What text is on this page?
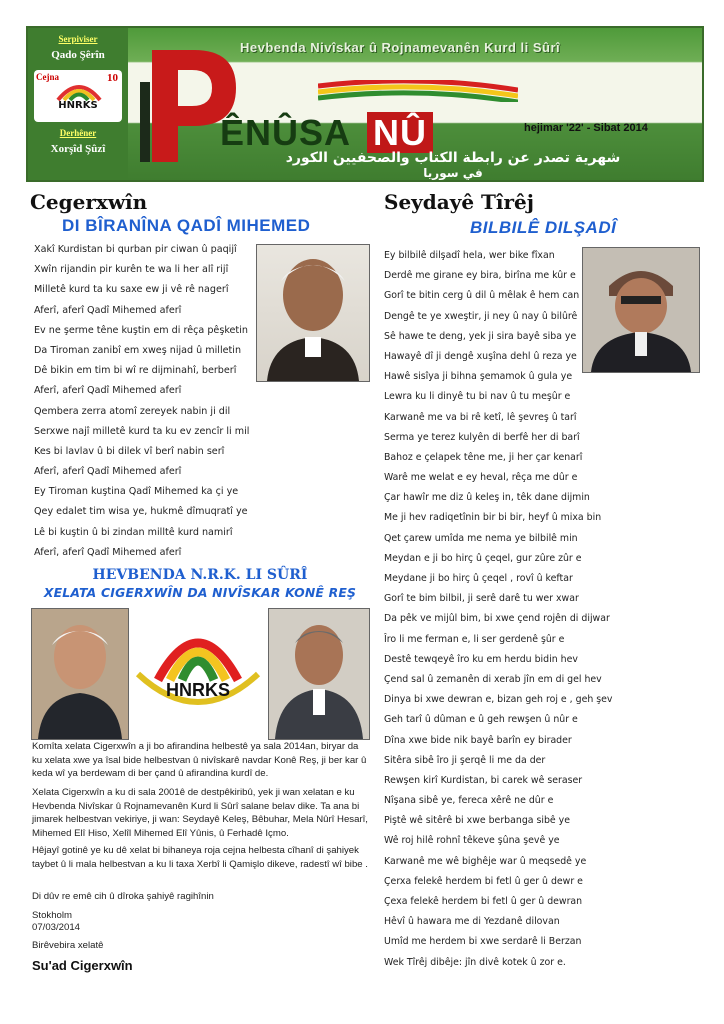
Serpiviser
Qado Şêrîn
Cejna	10
HNRKS
Derhêner
Xorşîd Şûzî
Hevbenda Nivîskar û Rojnamevanên Kurd li Sûrî
ÊNÛSA NÛ	hejimar '22' - Sibat 2014
شهرية تصدر عن رابطة الكتاب والصحفيين الكورد
في سوريا
Cegerxwîn
DI BÎRANÎNA QADÎ MIHEMED
Xakî Kurdistan bi qurban pir ciwan û paqijî
Xwîn rijandin pir kurên te wa li her alî rijî
Milletê kurd ta ku saxe ew ji vê rê nagerî
Aferî, aferî Qadî Mihemed aferî
Ev ne şerme têne kuştin em di rêça pêşketin
Da Tiroman zanibî em xweş nijad û milletin
Dê bikin em tim bi wî re dijminahî, berberî
Aferî, aferî Qadî Mihemed aferî
Qembera zerra atomî zereyek nabin ji dil
Serxwe najî milletê kurd ta ku ev zencîr li mil
Kes bi lavlav û bi dilek vî berî nabin serî
Aferî, aferî Qadî Mihemed aferî
Ey Tiroman kuştina Qadî Mihemed ka çi ye
Qey edalet tim wisa ye, hukmê dîmuqratî ye
Lê bi kuştin û bi zindan milltê kurd namirî
Aferî, aferî Qadî Mihemed aferî
HEVBENDA N.R.K. LI SÛRÎ
XELATA CIGERXWÎN DA NIVÎSKAR KONÊ REŞ
HNRKS
Komîta xelata Cigerxwîn a ji bo afirandina helbestê ya sala 2014an, biryar da ku xelata xwe ya îsal bide helbestvan û nivîskarê navdar Konê Reş, ji ber kar û keda wî ya berdewam di ber çand û afirandina kurdî de.
Xelata Cigerxwîn a ku di sala 2001ê de destpêkiribû, yek ji wan xelatan e ku Hevbenda Nivîskar û Rojnamevanên Kurd li Sûrî salane belav dike. Ta ana bi jimarek helbestvan vekiriye, ji wan: Seydayê Keleş, Bêbuhar, Mela Nûrî Hesarî, Mihemed Elî Hiso, Xelîl Mihemed Elî Yûnis, û Ferhadê Içmo.
Hêjayî gotinê ye ku dê xelat bi bihaneya roja cejna helbesta cîhanî di şahiyek taybet û li mala helbestvan a ku li taxa Xerbî li Qamişlo dikeve, radestî wî bibe .
Di dûv re emê cih û dîroka şahiyê ragihînin
Stokholm
07/03/2014
Birêvebira xelatê
Su'ad Cigerxwîn
Seydayê Tîrêj
BILBILÊ DILŞADÎ
Ey bilbilê dilşadî hela, wer bike fîxan
Derdê me girane ey bira, birîna me kûr e
Gorî te bitin cerg û dil û mêlak ê hem can
Dengê te ye xweştir, ji ney û nay û bilûrê
Sê hawe te deng, yek ji sira bayê siba ye
Hawayê dî ji dengê xuşîna dehl û reza ye
Hawê sisîya ji bihna şemamok û gula ye
Lewra ku li dinyê tu bi nav û tu meşûr e
Karwanê me va bi rê ketî, lê şevreş û tarî
Serma ye terez kulyên di berfê her di barî
Bahoz e çelapek têne me, ji her çar kenarî
Warê me welat e ey heval, rêça me dûr e
Çar hawîr me diz û keleş in, têk dane dijmin
Me ji hev radiqetînin bir bi bir, heyf û mixa bin
Qet çarew umîda me nema ye bilbilê min
Meydan e ji bo hirç û çeqel, gur zûre zûr e
Meydane ji bo hirç û çeqel , rovî û keftar
Gorî te bim bilbil, ji serê darê tu wer xwar
Da pêk ve mijûl bim, bi xwe çend rojên di dijwar
Îro li me ferman e, li ser gerdenê şûr e
Destê tewqeyê îro ku em herdu bidin hev
Çend sal û zemanên di xerab jîn em di gel hev
Dinya bi xwe dewran e, bizan geh roj e , geh şev
Geh tarî û dûman e û geh rewşen û nûr e
Dîna xwe bide nik bayê barîn ey birader
Sitêra sibê îro ji şerqê li me da der
Rewşen kirî Kurdistan, bi carek wê seraser
Nîşana sibê ye, fereca xêrê ne dûr e
Piştê wê sitêrê bi xwe berbanga sibê ye
Wê roj hilê rohnî têkeve şûna şevê ye
Karwanê me wê bighêje war û meqsedê ye
Çerxa felekê herdem bi fetl û ger û dewr e
Çexa felekê herdem bi fetl û ger û dewran
Hêvî û hawara me di Yezdanê dilovan
Umîd me herdem bi xwe serdarê li Berzan
Wek Tîrêj dibêje: jîn divê kotek û zor e.
